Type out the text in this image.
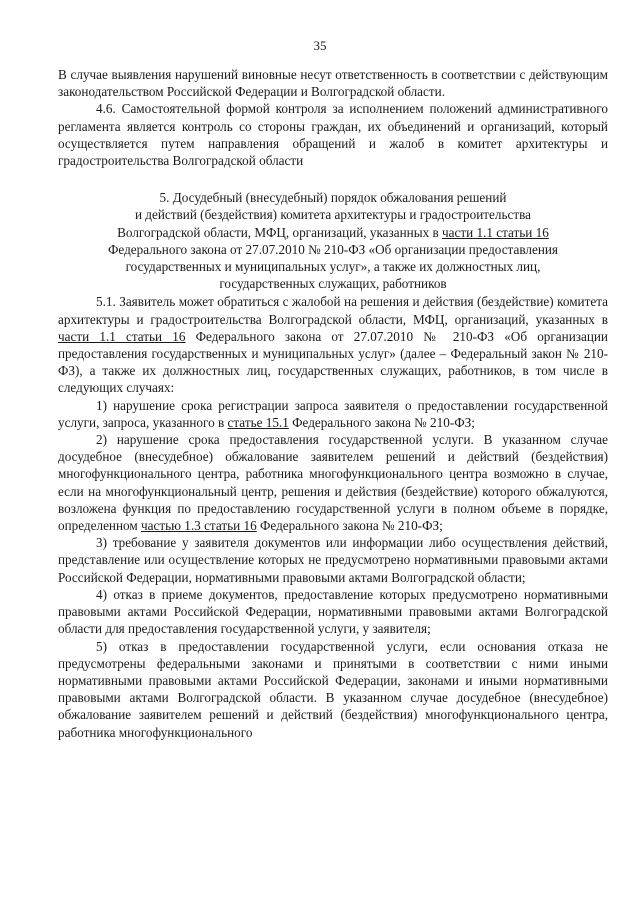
35

В случае выявления нарушений виновные несут ответственность в соответствии с действующим законодательством Российской Федерации и Волгоградской области.

4.6. Самостоятельной формой контроля за исполнением положений административного регламента является контроль со стороны граждан, их объединений и организаций, который осуществляется путем направления обращений и жалоб в комитет архитектуры и градостроительства Волгоградской области

5. Досудебный (внесудебный) порядок обжалования решений
и действий (бездействия) комитета архитектуры и градостроительства
Волгоградской области, МФЦ, организаций, указанных в части 1.1 статьи 16
Федерального закона от 27.07.2010 № 210-ФЗ «Об организации предоставления
государственных и муниципальных услуг», а также их должностных лиц,
государственных служащих, работников

5.1. Заявитель может обратиться с жалобой на решения и действия (бездействие) комитета архитектуры и градостроительства Волгоградской области, МФЦ, организаций, указанных в части 1.1 статьи 16 Федерального закона от 27.07.2010 № 210-ФЗ «Об организации предоставления государственных и муниципальных услуг» (далее – Федеральный закон № 210-ФЗ), а также их должностных лиц, государственных служащих, работников, в том числе в следующих случаях:

1) нарушение срока регистрации запроса заявителя о предоставлении государственной услуги, запроса, указанного в статье 15.1 Федерального закона № 210-ФЗ;

2) нарушение срока предоставления государственной услуги. В указанном случае досудебное (внесудебное) обжалование заявителем решений и действий (бездействия) многофункционального центра, работника многофункционального центра возможно в случае, если на многофункциональный центр, решения и действия (бездействие) которого обжалуются, возложена функция по предоставлению государственной услуги в полном объеме в порядке, определенном частью 1.3 статьи 16 Федерального закона № 210-ФЗ;

3) требование у заявителя документов или информации либо осуществления действий, представление или осуществление которых не предусмотрено нормативными правовыми актами Российской Федерации, нормативными правовыми актами Волгоградской области;

4) отказ в приеме документов, предоставление которых предусмотрено нормативными правовыми актами Российской Федерации, нормативными правовыми актами Волгоградской области для предоставления государственной услуги, у заявителя;

5) отказ в предоставлении государственной услуги, если основания отказа не предусмотрены федеральными законами и принятыми в соответствии с ними иными нормативными правовыми актами Российской Федерации, законами и иными нормативными правовыми актами Волгоградской области. В указанном случае досудебное (внесудебное) обжалование заявителем решений и действий (бездействия) многофункционального центра, работника многофункционального
